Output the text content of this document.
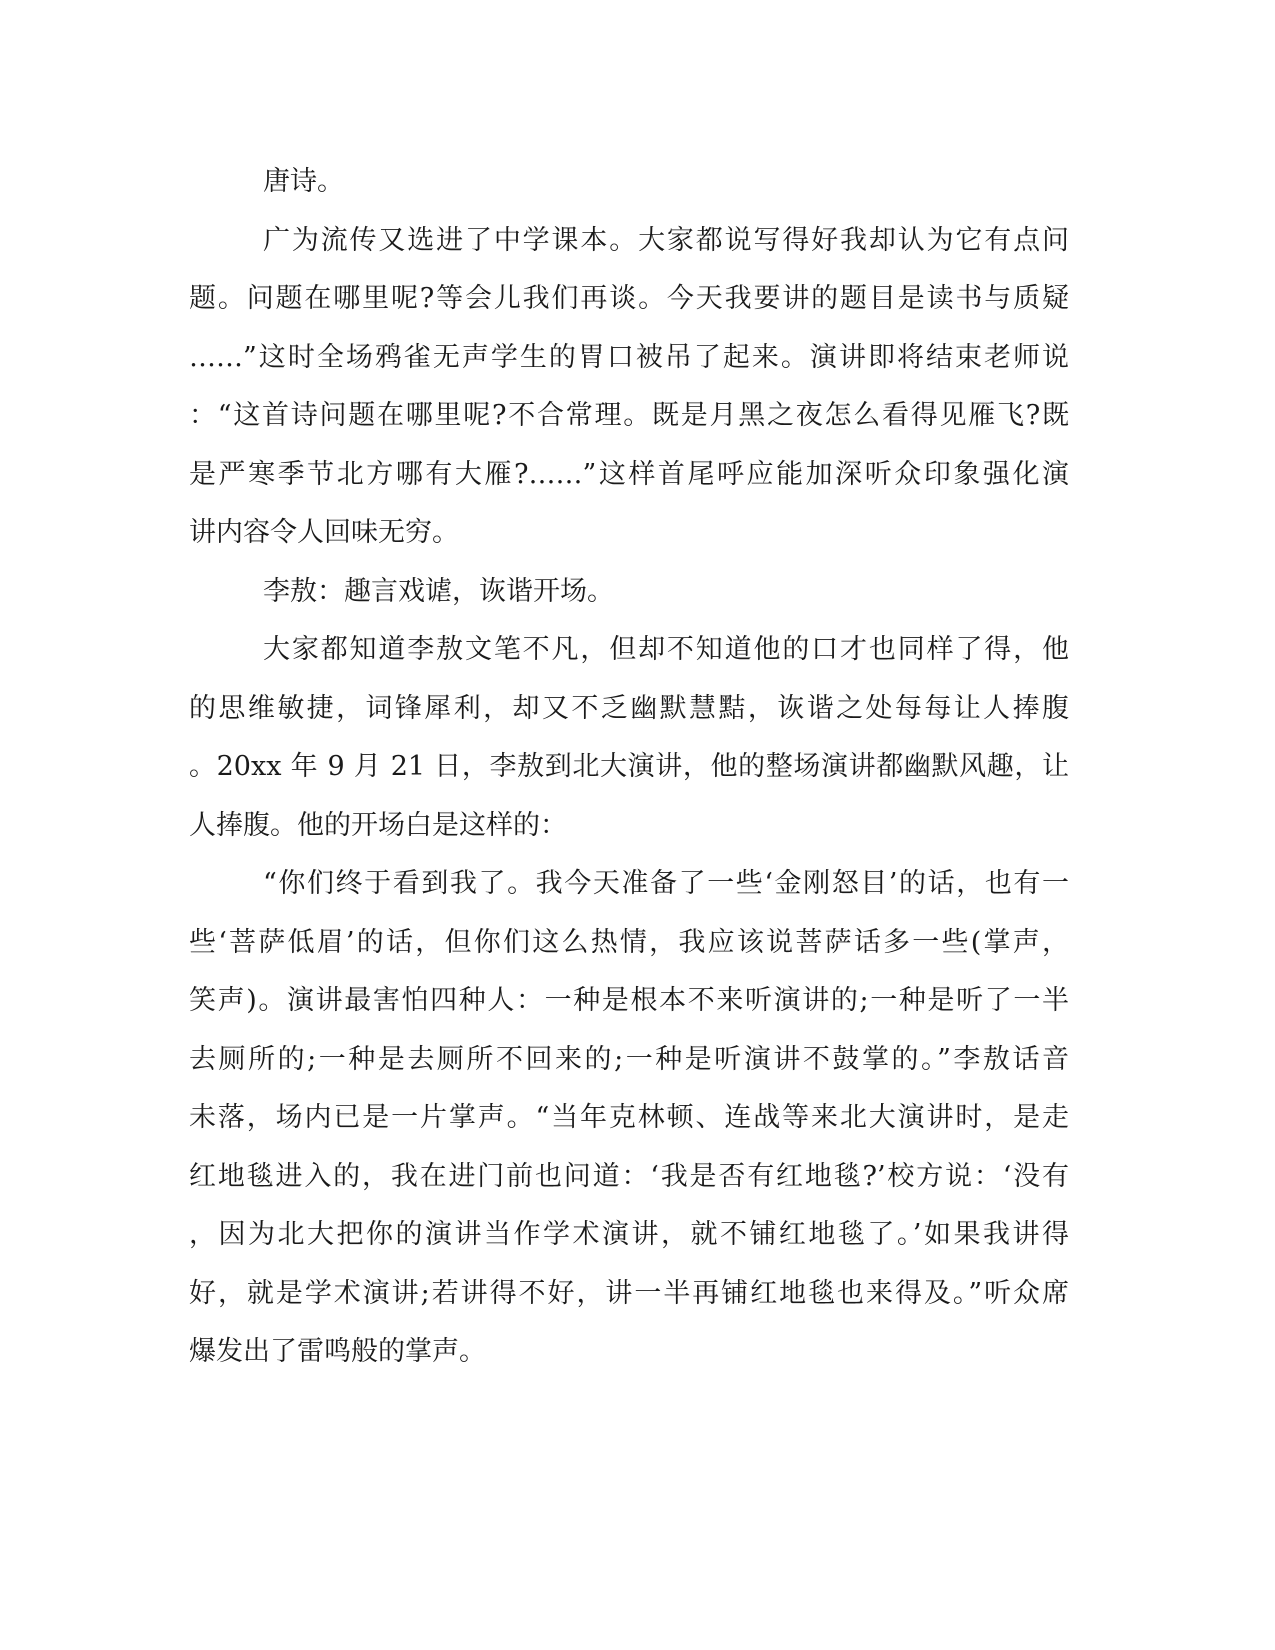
唐诗。
广为流传又选进了中学课本。大家都说写得好我却认为它有点问
题。问题在哪里呢?等会儿我们再谈。今天我要讲的题目是读书与质疑
……”这时全场鸦雀无声学生的胃口被吊了起来。演讲即将结束老师说
：“这首诗问题在哪里呢?不合常理。既是月黑之夜怎么看得见雁飞?既
是严寒季节北方哪有大雁?……”这样首尾呼应能加深听众印象强化演
讲内容令人回味无穷。
李敖：趣言戏谑，诙谐开场。
大家都知道李敖文笔不凡，但却不知道他的口才也同样了得，他
的思维敏捷，词锋犀利，却又不乏幽默慧黠，诙谐之处每每让人捧腹
。20xx 年 9 月 21 日，李敖到北大演讲，他的整场演讲都幽默风趣，让
人捧腹。他的开场白是这样的：
“你们终于看到我了。我今天准备了一些‘金刚怒目’的话，也有一
些‘菩萨低眉’的话，但你们这么热情，我应该说菩萨话多一些(掌声，
笑声)。演讲最害怕四种人：一种是根本不来听演讲的;一种是听了一半
去厕所的;一种是去厕所不回来的;一种是听演讲不鼓掌的。”李敖话音
未落，场内已是一片掌声。“当年克林顿、连战等来北大演讲时，是走
红地毯进入的，我在进门前也问道：‘我是否有红地毯?’校方说：‘没有
，因为北大把你的演讲当作学术演讲，就不铺红地毯了。’如果我讲得
好，就是学术演讲;若讲得不好，讲一半再铺红地毯也来得及。”听众席
爆发出了雷鸣般的掌声。
